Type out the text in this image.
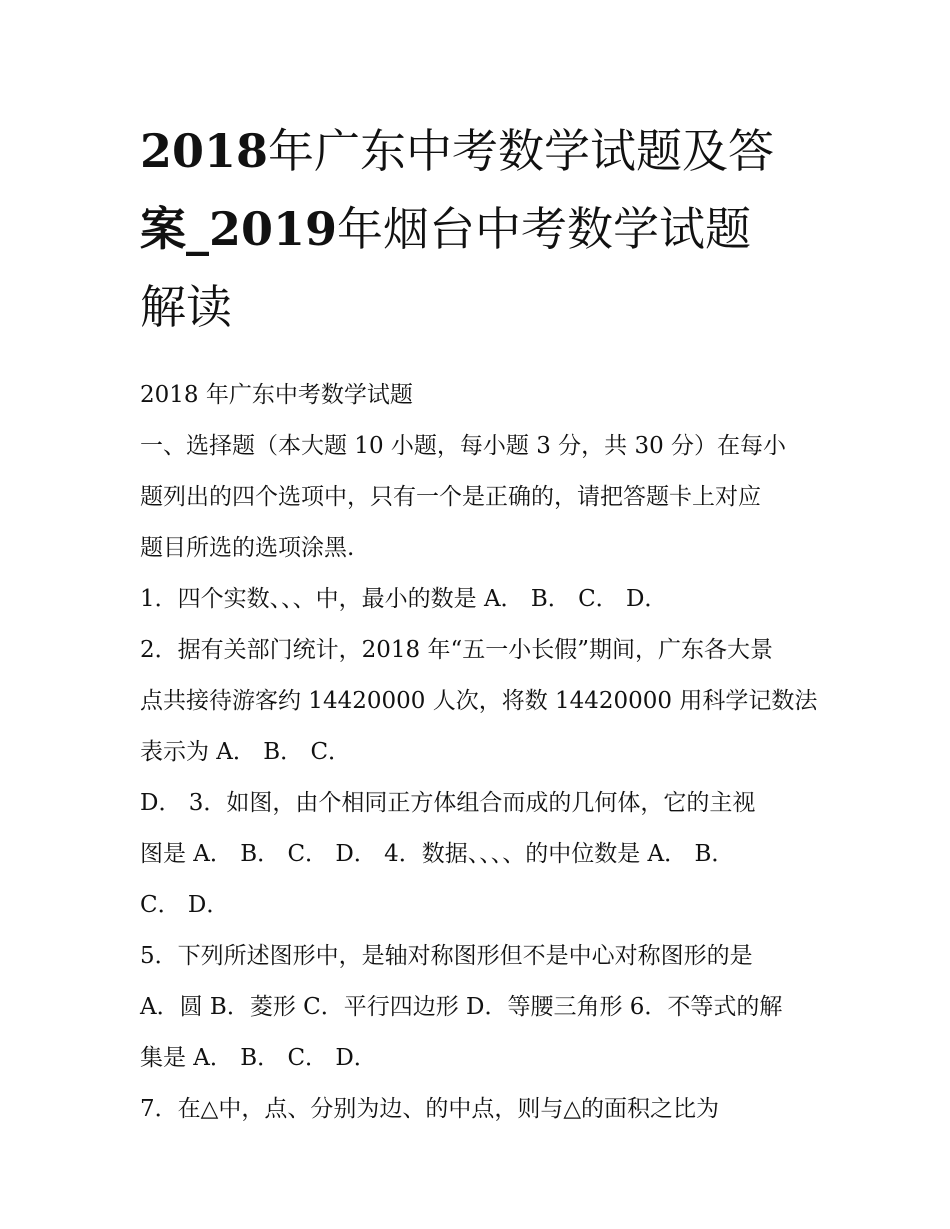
2018年广东中考数学试题及答
案_2019年烟台中考数学试题
解读

2018 年广东中考数学试题

一、选择题（本大题 10 小题，每小题 3 分，共 30 分）在每小

题列出的四个选项中，只有一个是正确的，请把答题卡上对应

题目所选的选项涂黑.

1．四个实数、、、中，最小的数是 A． B． C． D．

2．据有关部门统计，2018 年“五一小长假”期间，广东各大景

点共接待游客约 14420000 人次，将数 14420000 用科学记数法

表示为 A． B． C．

D． 3．如图，由个相同正方体组合而成的几何体，它的主视

图是 A． B． C． D． 4．数据、、、、的中位数是 A． B．

C． D．

5．下列所述图形中，是轴对称图形但不是中心对称图形的是

A．圆 B．菱形 C．平行四边形 D．等腰三角形 6．不等式的解

集是 A． B． C． D．

7．在△中，点、分别为边、的中点，则与△的面积之比为
